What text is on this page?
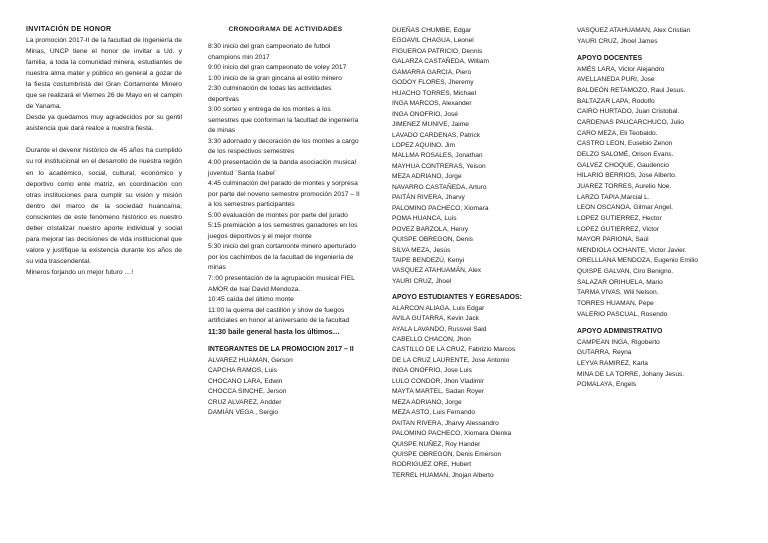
INVITACIÓN DE HONOR

La promoción 2017-II de la facultad de Ingeniería de Minas, UNCP tiene el honor de invitar a Ud. y familia, a toda la comunidad minera, estudiantes de nuestra alma mater y público en general a gozar de la fiesta costumbrista del Gran Cortamonte Minero que se realizará el Viernes 26 de Mayo en el campin de Yanama.

Desde ya quedamos muy agradecidos por su gentil asistencia que dará realce a nuestra fiesta.

Durante el devenir histórico de 45 años ha cumplido su rol institucional en el desarrollo de nuestra región en lo académico, social, cultural, económico y deportivo como ente matriz, en coordinación con otras instituciones para cumplir su visión y misión dentro del marco de la sociedad huancaína, conscientes de este fenómeno histórico es nuestro deber cristalizar nuestro aporte individual y social para mejorar las decisiones de vida institucional que valore y justifique la existencia durante los años de su vida trascendental.

Mineros forjando un mejor futuro …!

CRONOGRAMA DE ACTIVIDADES
8:30 inicio del gran campeonato de futbol champions min 2017
9:00 inicio del gran campeonato de voley 2017
1:00 inicio de la gran gincana al estilo minero
2:30 culminación de todas las actividades deportivas
3:00 sorteo y entrega de los montes a los semestres que conforman la facultad de ingeniería de minas
3:30 adornado y decoración de los montes a cargo de los respectivos semestres
4:00 presentación de la banda asociación musical juventud ¨Santa Isabel¨
4:45 culminación del parado de montes y sorpresa por parte del noveno semestre promoción 2017 – II a los semestres participantes
5:00 evaluación de montes por parte del jurado
5:15 premiación a los semestres ganadores en los juegos deportivos y el mejor monte
5:30 inicio del gran cortamonte minero aperturado por los cachimbos de la facultad de ingeniería de minas
7::00 presentación de la agrupación musical FIEL AMOR de Isaí David Mendoza.
10:45 caída del último monte
11:00 la quema del castillón y show de fuegos artificiales en honor al aniversario de la facultad
11:30 baile general hasta los últimos…
INTEGRANTES DE LA PROMOCION 2017 – II
ALVAREZ HUAMAN, Gerson
CAPCHA RAMOS, Luis
CHOCANO LARA, Edwin
CHOCCA SINCHE, Jerson
CRUZ ALVAREZ, Andder
DAMIÁN VEGA , Sergio
DUEÑAS CHUMBE, Edgar
EGOAVIL CHAGUA, Leonel
FIGUEROA PATRICIO, Dennis
GALARZA CASTAÑEDA, William
GAMARRA GARCIA, Piero
GODOY FLORES, Jheremy
HUACHO TORRES, Michael
INGA MARCOS, Alexander
INGA ONOFRIO, José
JIMENEZ MUNIVE, Jaime
LAVADO CARDENAS, Patrick
LOPEZ AQUINO, Jim
MALLMA ROSALES, Jonathan
MAYHUA CONTRERAS, Yeison
MEZA ADRIANO, Jorge
NAVARRO CASTAÑEDA, Arturo
PAITÁN RIVERA, Jharvy
PALOMINO PACHECO, Xiomara
POMA HUANCA, Luis
POVEZ BARZOLA, Henry
QUISPE OBREGON, Denis
SILVA MEZA, Jesús
TAIPE BENDEZÚ, Kenyi
VASQUEZ ATAHUAMÁN, Alex
YAURI CRUZ, Jhoel
APOYO ESTUDIANTES Y EGRESADOS:
ALARCON ALIAGA, Luis Edgar
AVILA GUTARRA, Kevin Jack
AYALA LAVANDO, Russvel Said
CABELLO CHACON, Jhon
CASTILLO DE LA CRUZ, Fabrizio Marcos
DE LA CRUZ LAURENTE, Jose Antonio
INGA ONOFRIO, Jose Luis
LULO CONDOR, Jhon Vladimir
MAYTA MARTEL, Sadan Royer
MEZA ADRIANO, Jorge
MEZA ASTO, Luis Fernando
PAITAN RIVERA, Jharvy Alessandro
PALOMINO PACHECO, Xiomara Olenka
QUISPE NUÑEZ, Roy Hander
QUISPE OBREGON, Denis Emerson
RODRIGUEZ ORE, Hubert
TERREL HUAMAN, Jhojan Alberto
VASQUEZ ATAHUAMAN, Alex Cristian
YAURI CRUZ, Jhoel James
APOYO DOCENTES
AMÉS LARA, Victor Alejandro
AVELLANEDA PURI, Jose
BALDEÓN RETAMOZO, Raul Jesus.
BALTAZAR LAPA, Rodolfo
CAIRO HURTADO, Juan Cristobal.
CARDENAS PAUCARCHUCO, Julio
CARO MEZA, Eli Teobaldo.
CASTRO LEON, Eusebio Zenon
DELZO SALOMÉ, Orison Evans.
GALVEZ CHOQUE, Gaudencio
HILARIO BERRIOS, Jose Alberto.
JUAREZ TORRES, Aurelio Noe.
LARZO TAPIA,Marcial L.
LEON OSCANOA, Gilmar Angel.
LOPEZ GUTIERREZ, Hector
LOPEZ GUTIERREZ, Victor
MAYOR PARIONA, Saúl
MENDIOLA OCHANTE, Victor Javier.
ORELLLANA MENDOZA, Eugenio Emilio
QUISPE GALVAN, Ciro Benigno.
SALAZAR ORIHUELA, Mario
TARMA VIVAS, Wili Nelson.
TORRES HUAMAN, Pepe
VALERIO PASCUAL, Rosendo
APOYO ADMINISTRATIVO
CAMPEAN INGA, Rigoberto
GUTARRA, Reyna
LEYVA RAMIREZ, Karla
MINA DE LA TORRE, Johany Jesus.
POMALAYA, Engels
